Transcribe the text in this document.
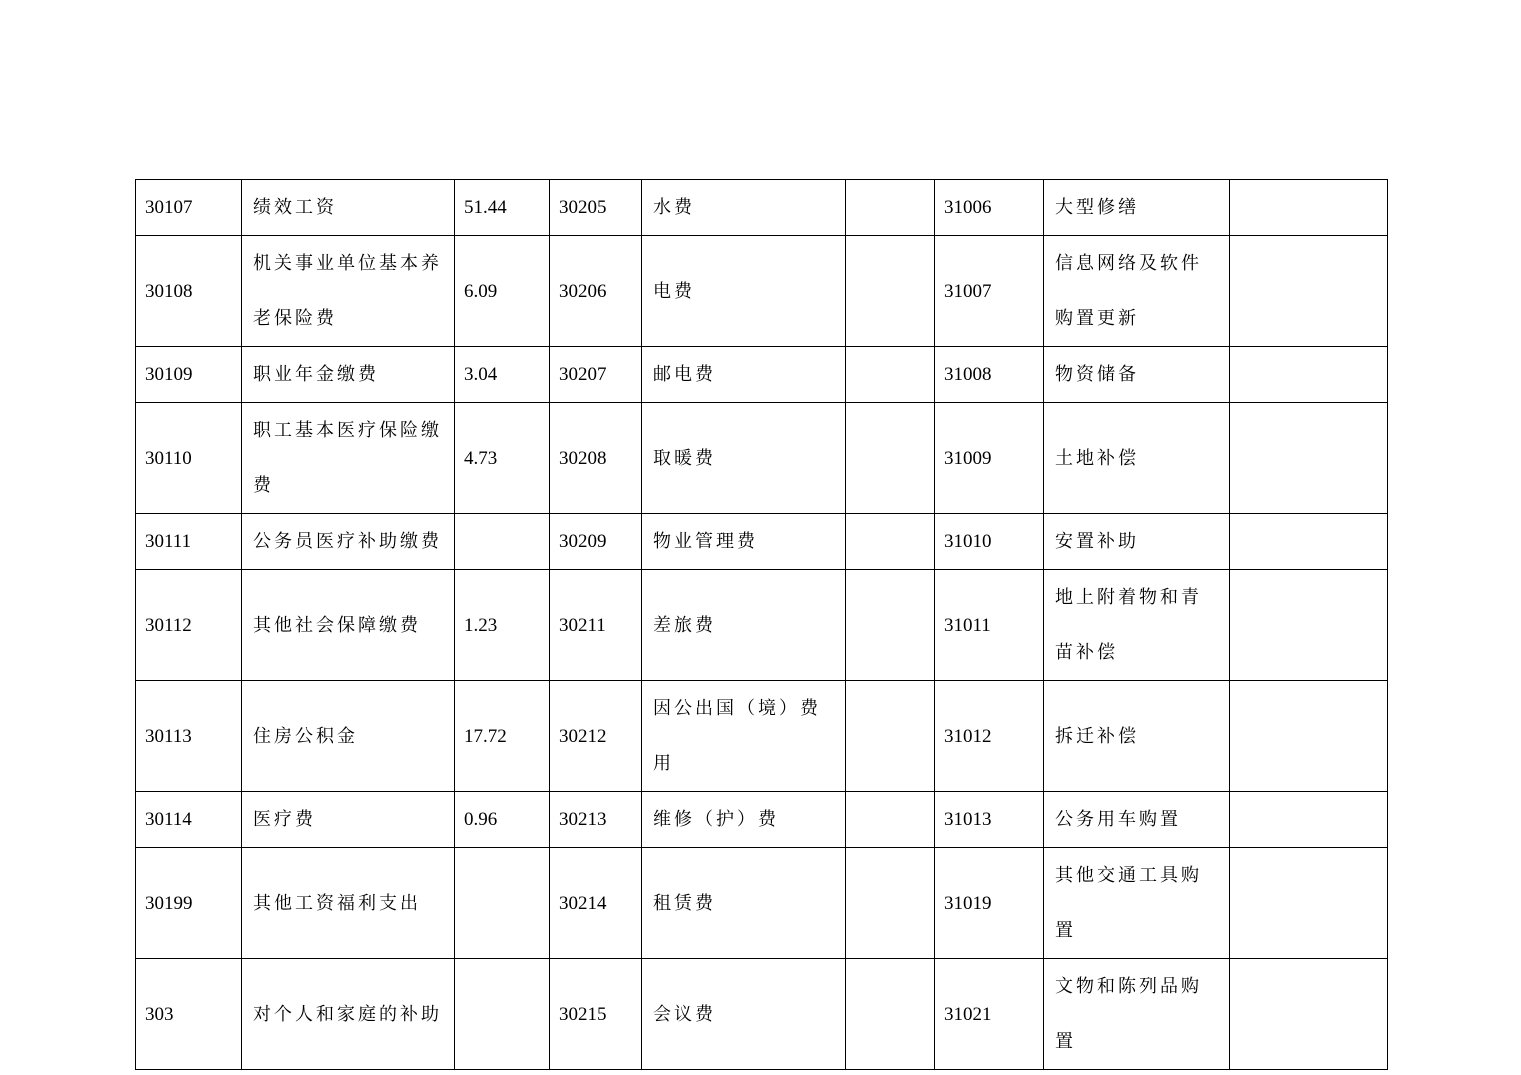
30107	绩效工资	51.44	30205	水费		31006	大型修缮	
30108	机关事业单位基本养老保险费	6.09	30206	电费		31007	信息网络及软件购置更新	
30109	职业年金缴费	3.04	30207	邮电费		31008	物资储备	
30110	职工基本医疗保险缴费	4.73	30208	取暖费		31009	土地补偿	
30111	公务员医疗补助缴费		30209	物业管理费		31010	安置补助	
30112	其他社会保障缴费	1.23	30211	差旅费		31011	地上附着物和青苗补偿	
30113	住房公积金	17.72	30212	因公出国（境）费用		31012	拆迁补偿	
30114	医疗费	0.96	30213	维修（护）费		31013	公务用车购置	
30199	其他工资福利支出		30214	租赁费		31019	其他交通工具购置	
303	对个人和家庭的补助		30215	会议费		31021	文物和陈列品购置	
